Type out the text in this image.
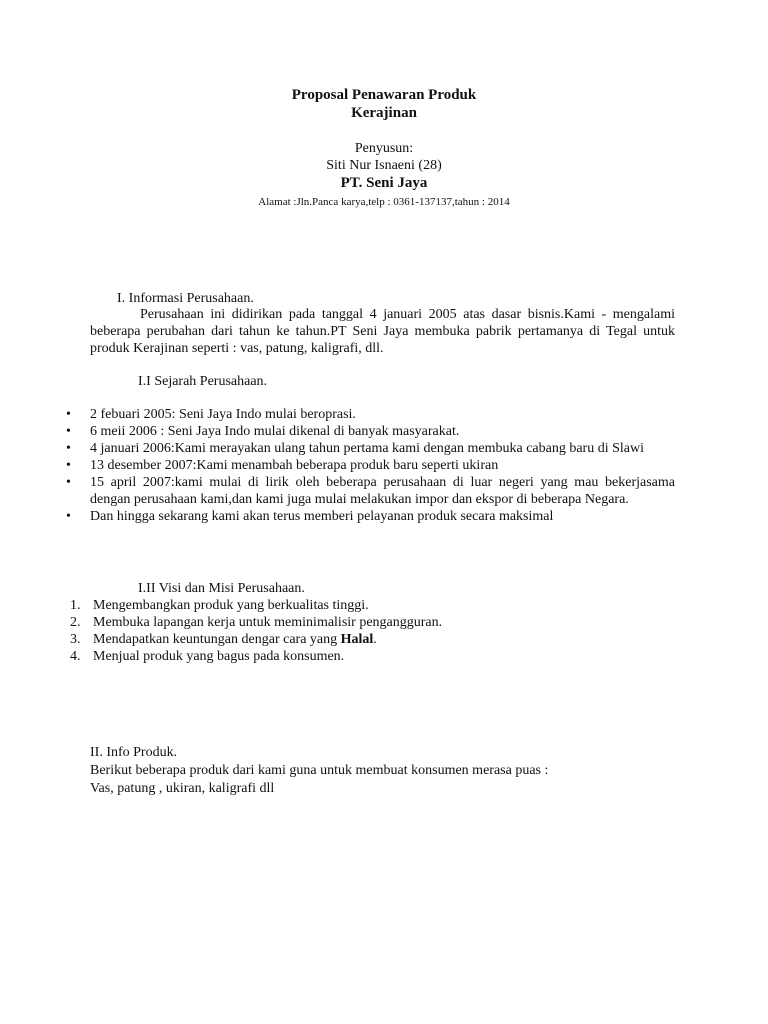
Proposal Penawaran Produk
Kerajinan
Penyusun:
Siti Nur Isnaeni (28)
PT. Seni Jaya
Alamat :Jln.Panca karya,telp : 0361-137137,tahun : 2014
I. Informasi Perusahaan.

Perusahaan ini didirikan pada tanggal 4 januari 2005 atas dasar bisnis.Kami - mengalami beberapa perubahan dari tahun ke tahun.PT Seni Jaya membuka pabrik pertamanya di Tegal untuk produk Kerajinan seperti : vas, patung, kaligrafi, dll.

I.I Sejarah Perusahaan.
•	2 febuari 2005: Seni Jaya Indo mulai beroprasi.
•	6 meii 2006 : Seni Jaya Indo mulai dikenal di banyak masyarakat.
•	4 januari 2006:Kami merayakan ulang tahun pertama kami dengan membuka cabang baru di Slawi
•	13 desember 2007:Kami menambah beberapa produk baru seperti ukiran
•	15 april 2007:kami mulai di lirik oleh beberapa perusahaan di luar negeri yang mau bekerjasama dengan perusahaan kami,dan kami juga mulai melakukan impor dan ekspor di beberapa Negara.
•	Dan hingga sekarang kami akan terus memberi pelayanan produk secara maksimal
I.II Visi dan Misi Perusahaan.
1. Mengembangkan produk yang berkualitas tinggi.
2. Membuka lapangan kerja untuk meminimalisir pengangguran.
3. Mendapatkan keuntungan dengar cara yang Halal.
4. Menjual produk yang bagus pada konsumen.
II. Info Produk.
Berikut beberapa produk dari kami guna untuk membuat konsumen merasa puas :
Vas, patung , ukiran, kaligrafi dll
